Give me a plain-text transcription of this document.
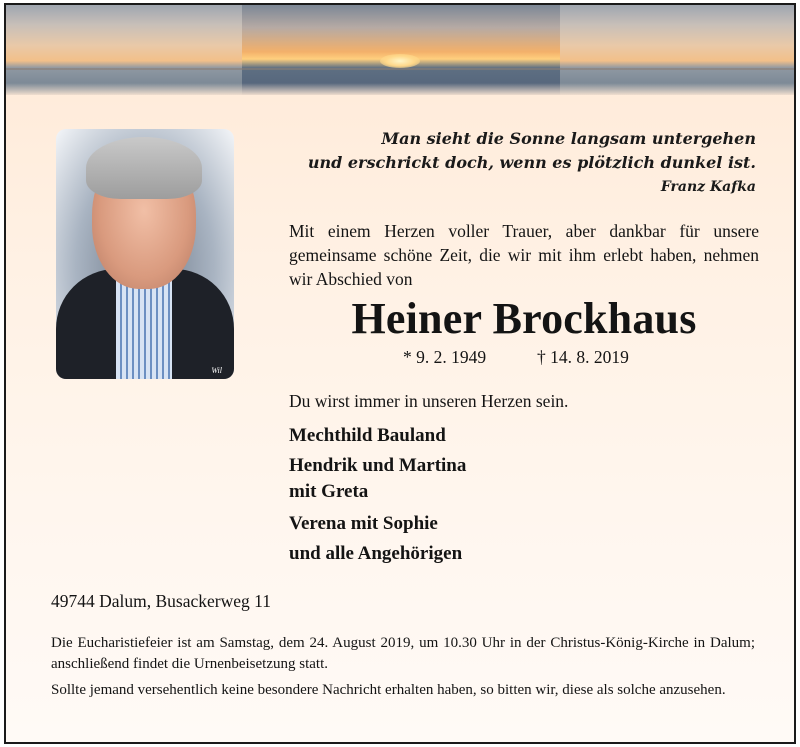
Wil
Man sieht die Sonne langsam untergehen
und erschrickt doch, wenn es plötzlich dunkel ist.
Franz Kafka
Mit einem Herzen voller Trauer, aber dankbar für unsere gemeinsame schöne Zeit, die wir mit ihm erlebt haben, nehmen wir Abschied von
Heiner Brockhaus
* 9. 2. 1949	† 14. 8. 2019
Du wirst immer in unseren Herzen sein.
Mechthild Bauland
Hendrik und Martina
mit Greta
Verena mit Sophie
und alle Angehörigen
49744 Dalum, Busackerweg 11
Die Eucharistiefeier ist am Samstag, dem 24. August 2019, um 10.30 Uhr in der Christus-König-Kirche in Dalum; anschließend findet die Urnenbeisetzung statt.
Sollte jemand versehentlich keine besondere Nachricht erhalten haben, so bitten wir, diese als solche anzusehen.
